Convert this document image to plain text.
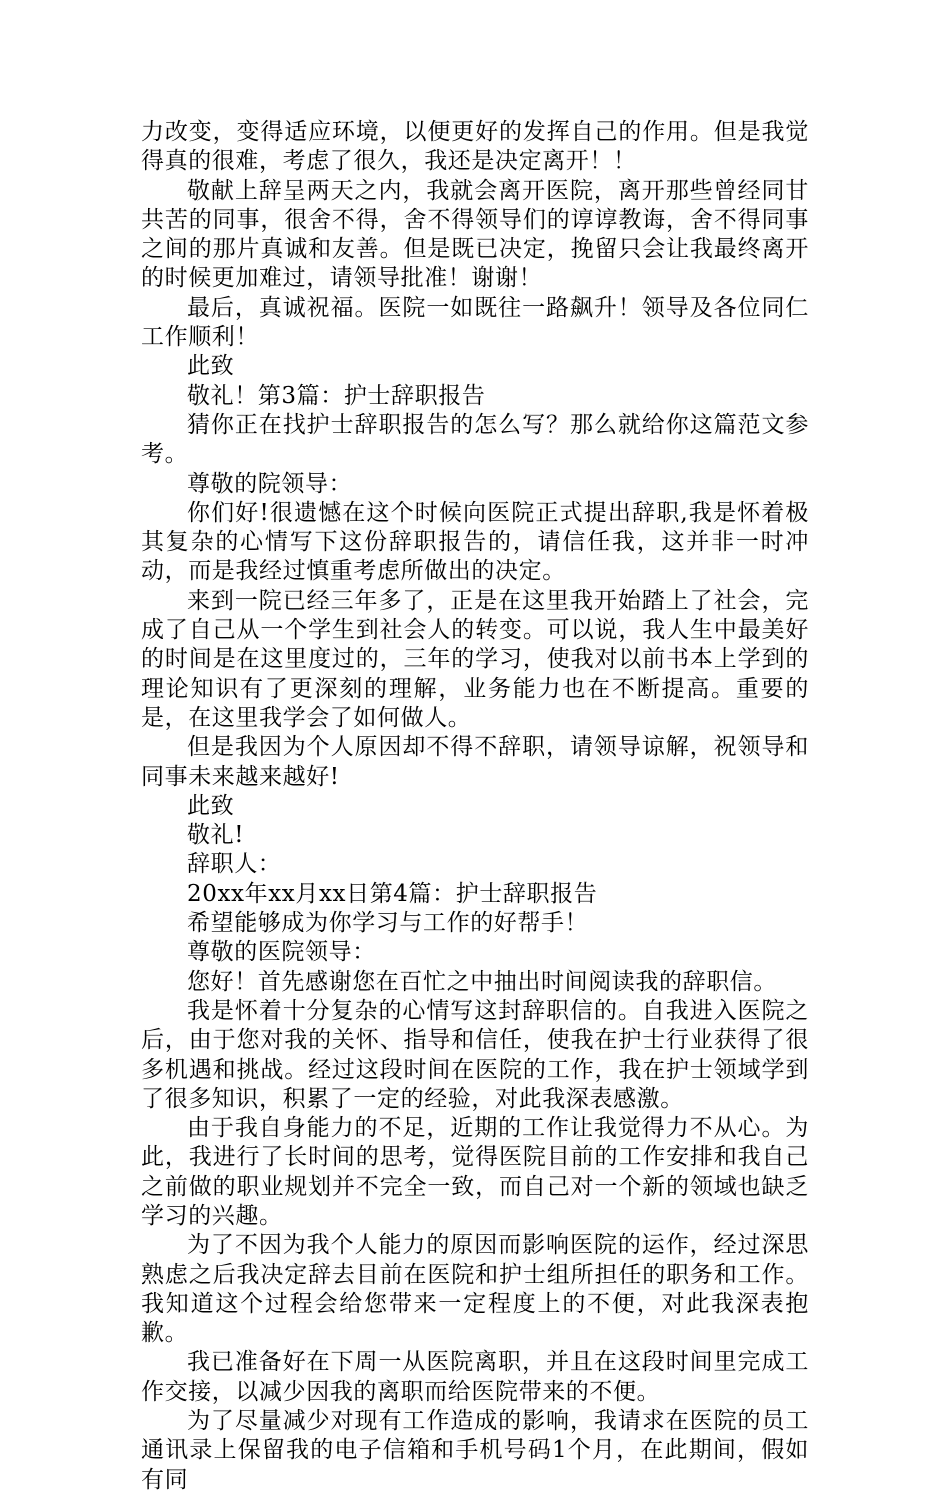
力改变，变得适应环境，以便更好的发挥自己的作用。但是我觉得真的很难，考虑了很久，我还是决定离开！！

敬献上辞呈两天之内，我就会离开医院，离开那些曾经同甘共苦的同事，很舍不得，舍不得领导们的谆谆教诲，舍不得同事之间的那片真诚和友善。但是既已决定，挽留只会让我最终离开的时候更加难过，请领导批准！谢谢！

最后，真诚祝福。医院一如既往一路飙升！领导及各位同仁工作顺利！

此致

敬礼！第3篇：护士辞职报告

猜你正在找护士辞职报告的怎么写？那么就给你这篇范文参考。

尊敬的院领导：

你们好!很遗憾在这个时候向医院正式提出辞职,我是怀着极其复杂的心情写下这份辞职报告的，请信任我，这并非一时冲动，而是我经过慎重考虑所做出的决定。

来到一院已经三年多了，正是在这里我开始踏上了社会，完成了自己从一个学生到社会人的转变。可以说，我人生中最美好的时间是在这里度过的，三年的学习，使我对以前书本上学到的理论知识有了更深刻的理解，业务能力也在不断提高。重要的是，在这里我学会了如何做人。

但是我因为个人原因却不得不辞职，请领导谅解，祝领导和同事未来越来越好!

此致

敬礼!

辞职人：

20xx年xx月xx日第4篇：护士辞职报告

希望能够成为你学习与工作的好帮手！

尊敬的医院领导：

您好！首先感谢您在百忙之中抽出时间阅读我的辞职信。

我是怀着十分复杂的心情写这封辞职信的。自我进入医院之后，由于您对我的关怀、指导和信任，使我在护士行业获得了很多机遇和挑战。经过这段时间在医院的工作，我在护士领域学到了很多知识，积累了一定的经验，对此我深表感激。

由于我自身能力的不足，近期的工作让我觉得力不从心。为此，我进行了长时间的思考，觉得医院目前的工作安排和我自己之前做的职业规划并不完全一致，而自己对一个新的领域也缺乏学习的兴趣。

为了不因为我个人能力的原因而影响医院的运作，经过深思熟虑之后我决定辞去目前在医院和护士组所担任的职务和工作。我知道这个过程会给您带来一定程度上的不便，对此我深表抱歉。

我已准备好在下周一从医院离职，并且在这段时间里完成工作交接，以减少因我的离职而给医院带来的不便。

为了尽量减少对现有工作造成的影响，我请求在医院的员工通讯录上保留我的电子信箱和手机号码1个月，在此期间，假如有同
